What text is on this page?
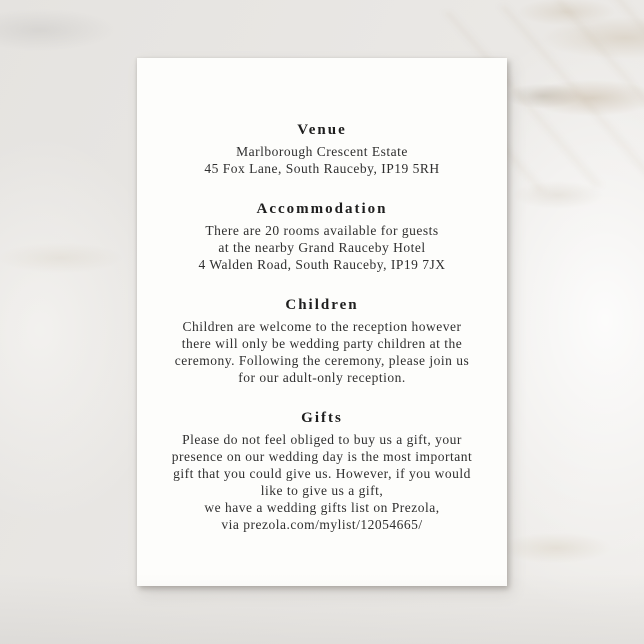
Venue
Marlborough Crescent Estate
45 Fox Lane, South Rauceby, IP19 5RH
Accommodation
There are 20 rooms available for guests
at the nearby Grand Rauceby Hotel
4 Walden Road, South Rauceby, IP19 7JX
Children
Children are welcome to the reception however
there will only be wedding party children at the
ceremony. Following the ceremony, please join us
for our adult-only reception.
Gifts
Please do not feel obliged to buy us a gift, your
presence on our wedding day is the most important
gift that you could give us. However, if you would
like to give us a gift,
we have a wedding gifts list on Prezola,
via prezola.com/mylist/12054665/
